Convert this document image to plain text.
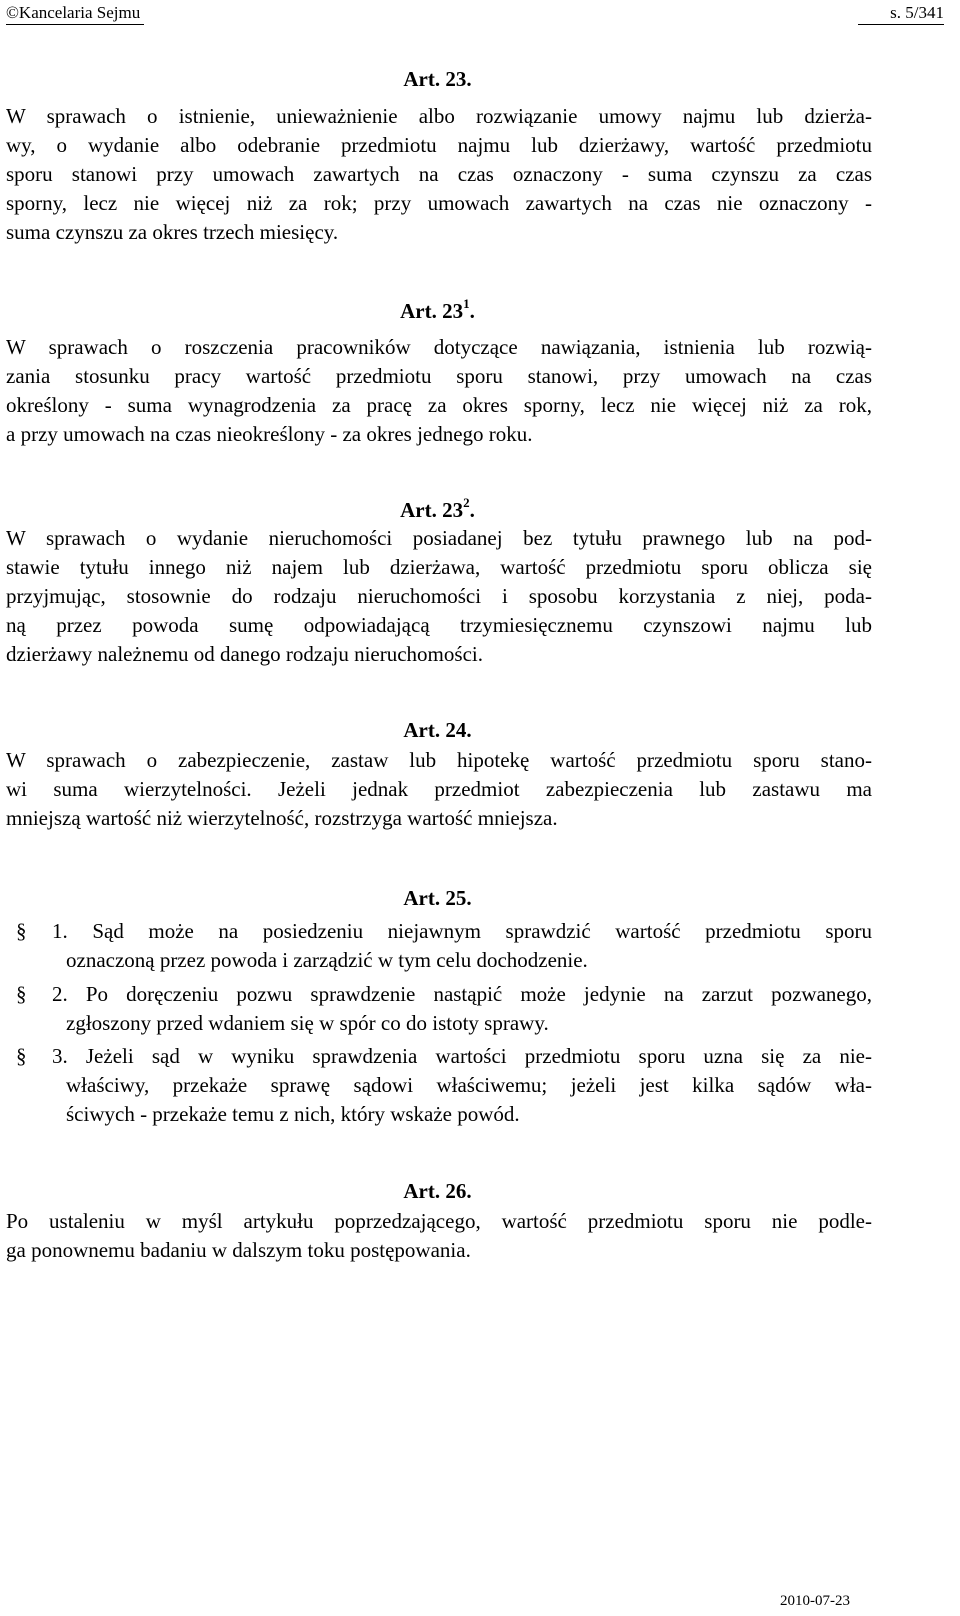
©Kancelaria Sejmu	s. 5/341
Art. 23.
W sprawach o istnienie, unieważnienie albo rozwiązanie umowy najmu lub dzierża-
wy, o wydanie albo odebranie przedmiotu najmu lub dzierżawy, wartość przedmiotu
sporu stanowi przy umowach zawartych na czas oznaczony - suma czynszu za czas
sporny, lecz nie więcej niż za rok; przy umowach zawartych na czas nie oznaczony -
suma czynszu za okres trzech miesięcy.
Art. $23^1$.
W sprawach o roszczenia pracowników dotyczące nawiązania, istnienia lub rozwią-
zania stosunku pracy wartość przedmiotu sporu stanowi, przy umowach na czas
określony - suma wynagrodzenia za pracę za okres sporny, lecz nie więcej niż za rok,
a przy umowach na czas nieokreślony - za okres jednego roku.
Art. $23^2$.
W sprawach o wydanie nieruchomości posiadanej bez tytułu prawnego lub na pod-
stawie tytułu innego niż najem lub dzierżawa, wartość przedmiotu sporu oblicza się
przyjmując, stosownie do rodzaju nieruchomości i sposobu korzystania z niej, poda-
ną przez powoda sumę odpowiadającą trzymiesięcznemu czynszowi najmu lub
dzierżawy należnemu od danego rodzaju nieruchomości.
Art. 24.
W sprawach o zabezpieczenie, zastaw lub hipotekę wartość przedmiotu sporu stano-
wi suma wierzytelności. Jeżeli jednak przedmiot zabezpieczenia lub zastawu ma
mniejszą wartość niż wierzytelność, rozstrzyga wartość mniejsza.
Art. 25.
§	1. Sąd może na posiedzeniu niejawnym sprawdzić wartość przedmiotu sporu
oznaczoną przez powoda i zarządzić w tym celu dochodzenie.
§	2. Po doręczeniu pozwu sprawdzenie nastąpić może jedynie na zarzut pozwanego,
zgłoszony przed wdaniem się w spór co do istoty sprawy.
§	3. Jeżeli sąd w wyniku sprawdzenia wartości przedmiotu sporu uzna się za nie-
właściwy, przekaże sprawę sądowi właściwemu; jeżeli jest kilka sądów wła-
ściwych - przekaże temu z nich, który wskaże powód.
Art. 26.
Po ustaleniu w myśl artykułu poprzedzającego, wartość przedmiotu sporu nie podle-
ga ponownemu badaniu w dalszym toku postępowania.
2010-07-23
